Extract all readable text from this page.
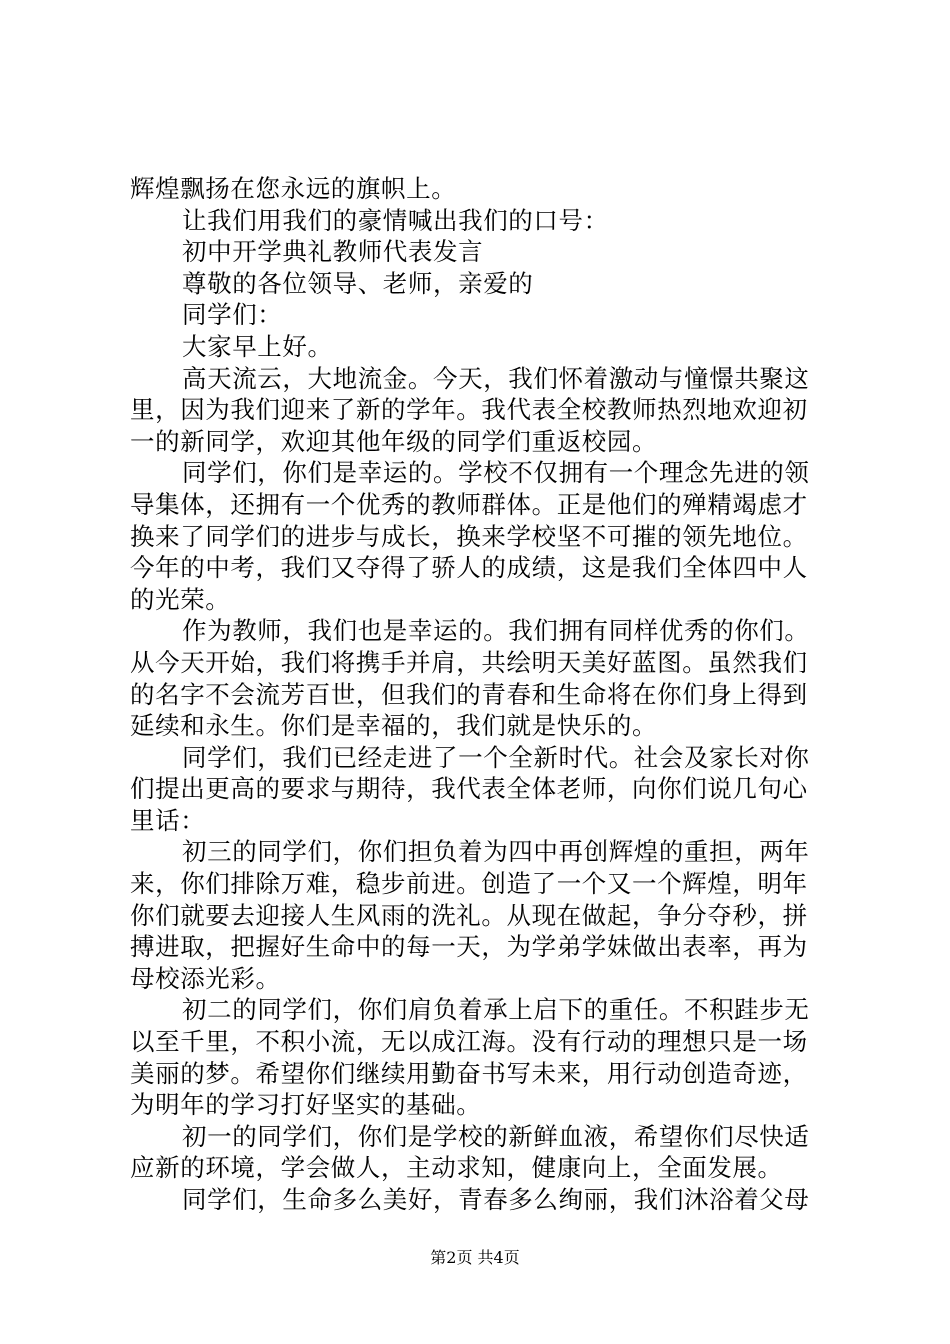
辉煌飘扬在您永远的旗帜上。
让我们用我们的豪情喊出我们的口号：
初中开学典礼教师代表发言
尊敬的各位领导、老师，亲爱的
同学们：
大家早上好。
高天流云，大地流金。今天，我们怀着激动与憧憬共聚这
里，因为我们迎来了新的学年。我代表全校教师热烈地欢迎初
一的新同学，欢迎其他年级的同学们重返校园。
同学们，你们是幸运的。学校不仅拥有一个理念先进的领
导集体，还拥有一个优秀的教师群体。正是他们的殚精竭虑才
换来了同学们的进步与成长，换来学校坚不可摧的领先地位。
今年的中考，我们又夺得了骄人的成绩，这是我们全体四中人
的光荣。
作为教师，我们也是幸运的。我们拥有同样优秀的你们。
从今天开始，我们将携手并肩，共绘明天美好蓝图。虽然我们
的名字不会流芳百世，但我们的青春和生命将在你们身上得到
延续和永生。你们是幸福的，我们就是快乐的。
同学们，我们已经走进了一个全新时代。社会及家长对你
们提出更高的要求与期待，我代表全体老师，向你们说几句心
里话：
初三的同学们，你们担负着为四中再创辉煌的重担，两年
来，你们排除万难，稳步前进。创造了一个又一个辉煌，明年
你们就要去迎接人生风雨的洗礼。从现在做起，争分夺秒，拼
搏进取，把握好生命中的每一天，为学弟学妹做出表率，再为
母校添光彩。
初二的同学们，你们肩负着承上启下的重任。不积跬步无
以至千里，不积小流，无以成江海。没有行动的理想只是一场
美丽的梦。希望你们继续用勤奋书写未来，用行动创造奇迹，
为明年的学习打好坚实的基础。
初一的同学们，你们是学校的新鲜血液，希望你们尽快适
应新的环境，学会做人，主动求知，健康向上，全面发展。
同学们，生命多么美好，青春多么绚丽，我们沐浴着父母
第2页 共4页
